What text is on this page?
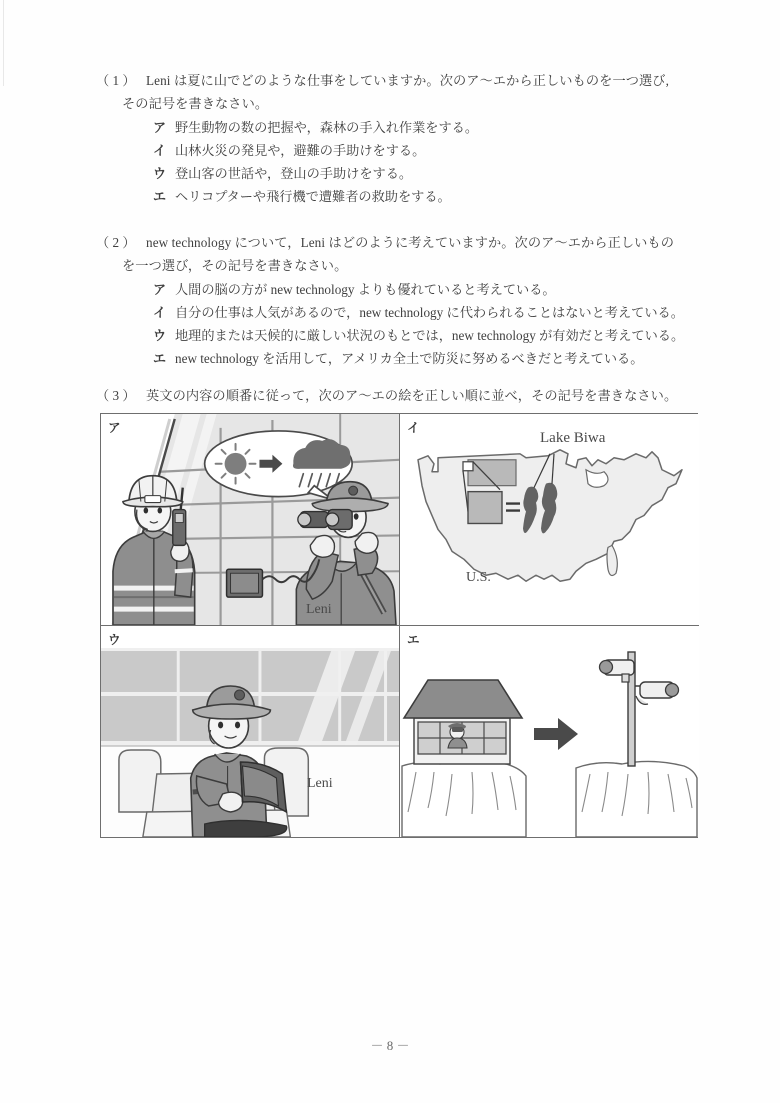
（ 1 ） Leni は夏に山でどのような仕事をしていますか。次のア〜エから正しいものを一つ選び,
その記号を書きなさい。
ア 野生動物の数の把握や，森林の手入れ作業をする。
イ 山林火災の発見や，避難の手助けをする。
ウ 登山客の世話や，登山の手助けをする。
エ ヘリコプターや飛行機で遭難者の救助をする。
（ 2 ） new technology について，Leni はどのように考えていますか。次のア〜エから正しいもの
を一つ選び，その記号を書きなさい。
ア 人間の脳の方が new technology よりも優れていると考えている。
イ 自分の仕事は人気があるので，new technology に代わられることはないと考えている。
ウ 地理的または天候的に厳しい状況のもとでは，new technology が有効だと考えている。
エ new technology を活用して，アメリカ全土で防災に努めるべきだと考えている。
（ 3 ） 英文の内容の順番に従って，次のア〜エの絵を正しい順に並べ，その記号を書きなさい。
ア
Leni
イ
Lake Biwa
U.S.
ウ
Leni
エ
－ 8 －
